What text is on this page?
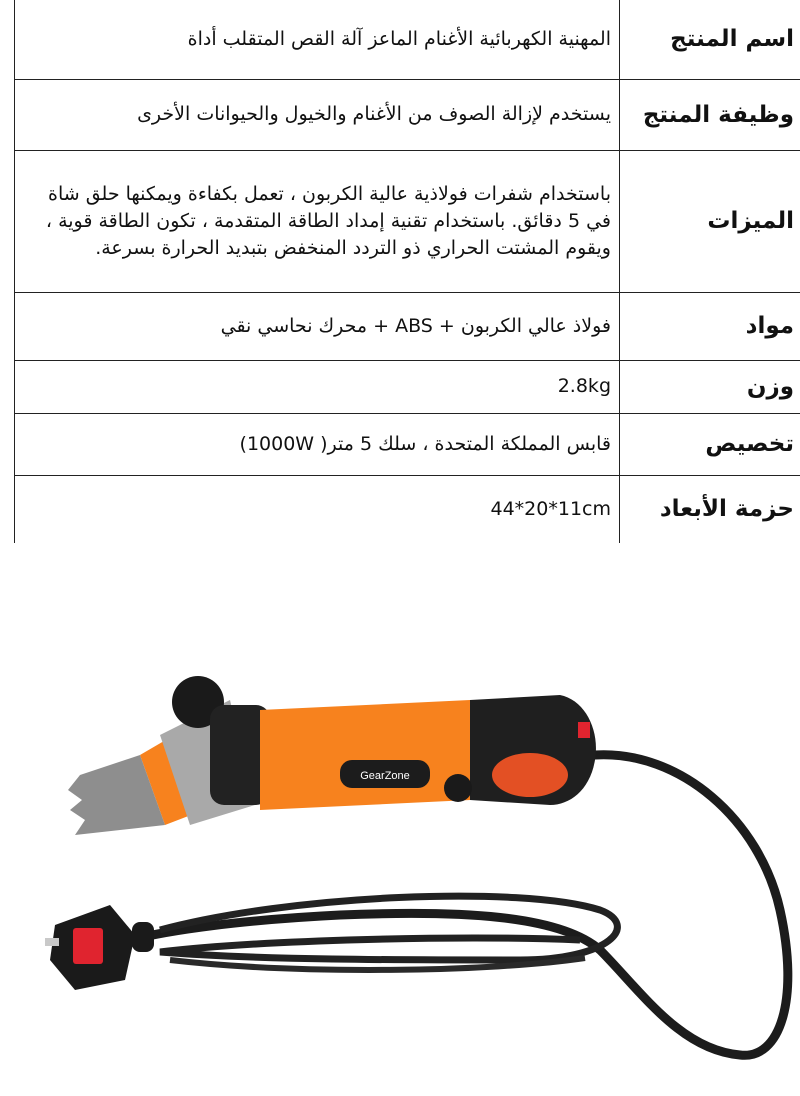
اسم المنتج	المهنية الكهربائية الأغنام الماعز آلة القص المتقلب أداة
وظيفة المنتج	يستخدم لإزالة الصوف من الأغنام والخيول والحيوانات الأخرى
الميزات	باستخدام شفرات فولاذية عالية الكربون ، تعمل بكفاءة ويمكنها حلق شاة في 5 دقائق. باستخدام تقنية إمداد الطاقة المتقدمة ، تكون الطاقة قوية ، ويقوم المشتت الحراري ذو التردد المنخفض بتبديد الحرارة بسرعة.
مواد	فولاذ عالي الكربون + ABS + محرك نحاسي نقي
وزن	2.8kg
تخصيص	قابس المملكة المتحدة ، سلك 5 متر( 1000W)
حزمة الأبعاد	44*20*11cm
GearZone
